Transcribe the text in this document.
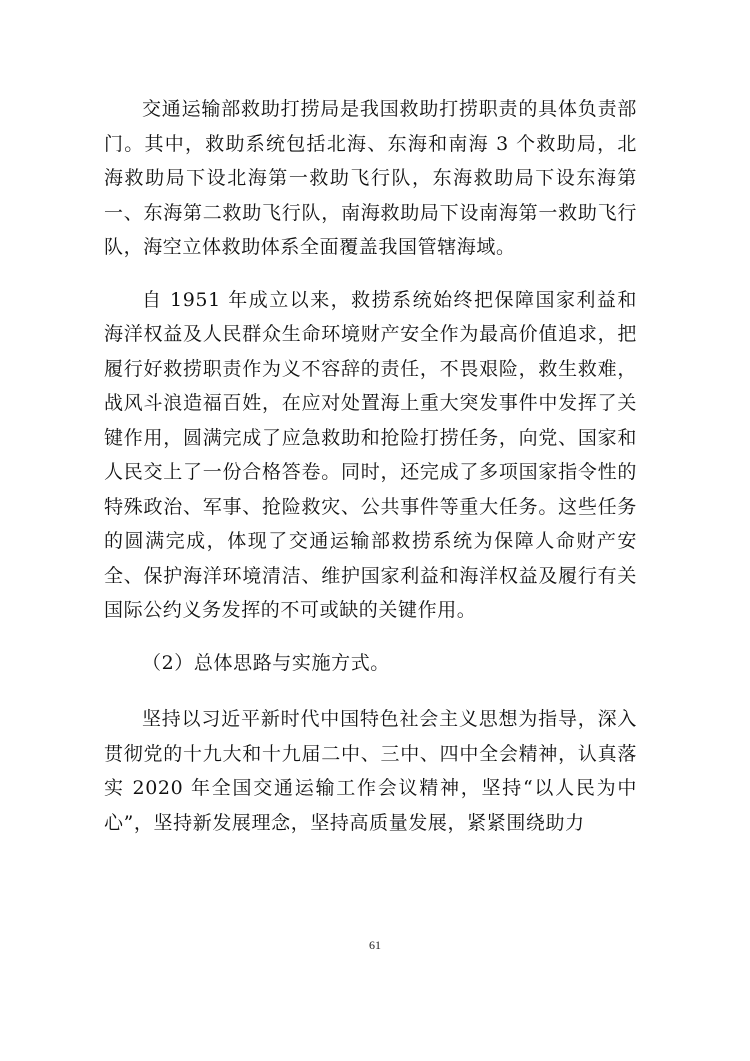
交通运输部救助打捞局是我国救助打捞职责的具体负责部门。其中，救助系统包括北海、东海和南海 3 个救助局，北海救助局下设北海第一救助飞行队，东海救助局下设东海第一、东海第二救助飞行队，南海救助局下设南海第一救助飞行队，海空立体救助体系全面覆盖我国管辖海域。

自 1951 年成立以来，救捞系统始终把保障国家利益和海洋权益及人民群众生命环境财产安全作为最高价值追求，把履行好救捞职责作为义不容辞的责任，不畏艰险，救生救难，战风斗浪造福百姓，在应对处置海上重大突发事件中发挥了关键作用，圆满完成了应急救助和抢险打捞任务，向党、国家和人民交上了一份合格答卷。同时，还完成了多项国家指令性的特殊政治、军事、抢险救灾、公共事件等重大任务。这些任务的圆满完成，体现了交通运输部救捞系统为保障人命财产安全、保护海洋环境清洁、维护国家利益和海洋权益及履行有关国际公约义务发挥的不可或缺的关键作用。

（2）总体思路与实施方式。

坚持以习近平新时代中国特色社会主义思想为指导，深入贯彻党的十九大和十九届二中、三中、四中全会精神，认真落实 2020 年全国交通运输工作会议精神，坚持“以人民为中心”，坚持新发展理念，坚持高质量发展，紧紧围绕助力

61
